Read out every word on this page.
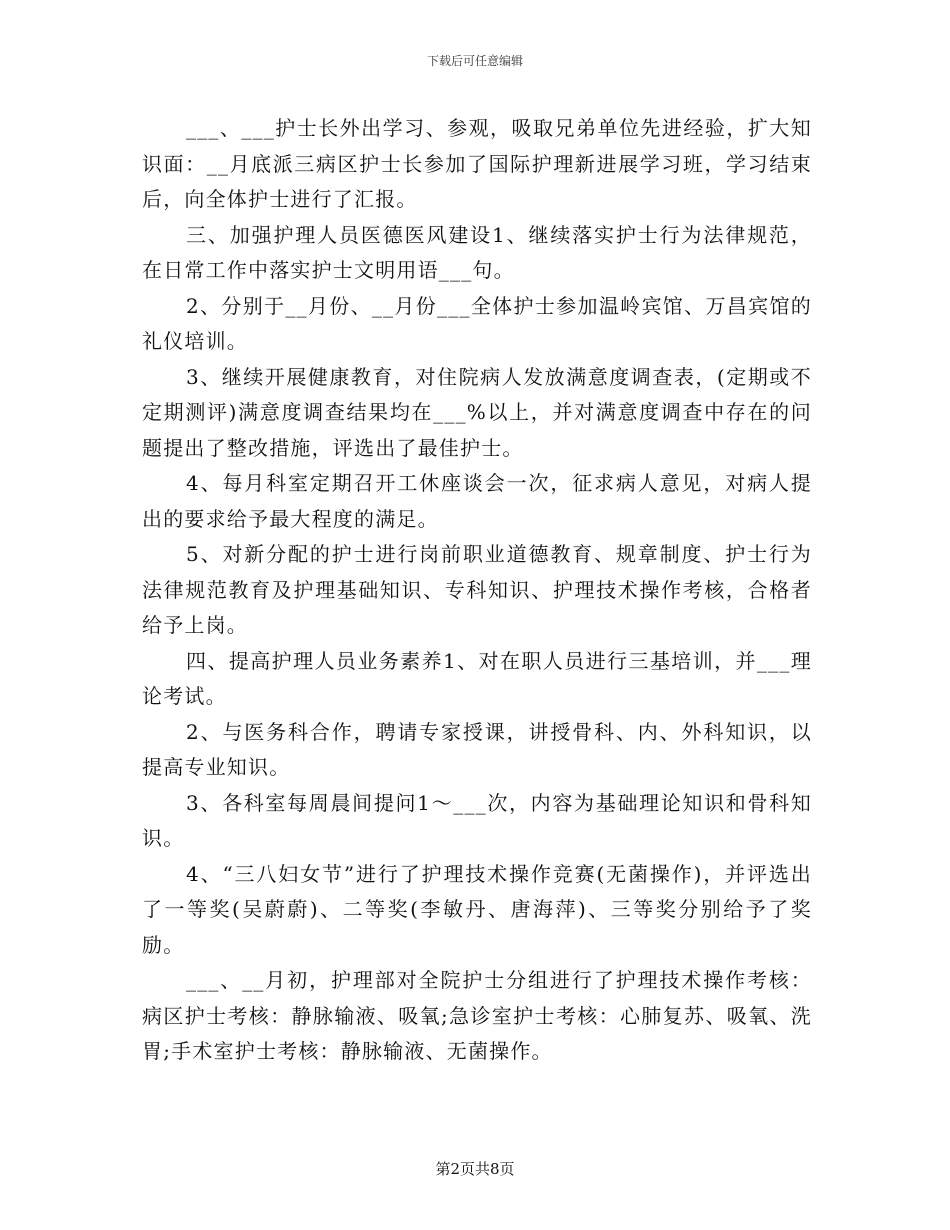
下载后可任意编辑

___、___护士长外出学习、参观，吸取兄弟单位先进经验，扩大知识面：__月底派三病区护士长参加了国际护理新进展学习班，学习结束后，向全体护士进行了汇报。

三、加强护理人员医德医风建设1、继续落实护士行为法律规范，在日常工作中落实护士文明用语___句。

2、分别于__月份、__月份___全体护士参加温岭宾馆、万昌宾馆的礼仪培训。

3、继续开展健康教育，对住院病人发放满意度调查表，(定期或不定期测评)满意度调查结果均在___%以上，并对满意度调查中存在的问题提出了整改措施，评选出了最佳护士。

4、每月科室定期召开工休座谈会一次，征求病人意见，对病人提出的要求给予最大程度的满足。

5、对新分配的护士进行岗前职业道德教育、规章制度、护士行为法律规范教育及护理基础知识、专科知识、护理技术操作考核，合格者给予上岗。

四、提高护理人员业务素养1、对在职人员进行三基培训，并___理论考试。

2、与医务科合作，聘请专家授课，讲授骨科、内、外科知识，以提高专业知识。

3、各科室每周晨间提问1～___次，内容为基础理论知识和骨科知识。

4、“三八妇女节”进行了护理技术操作竞赛(无菌操作)，并评选出了一等奖(吴蔚蔚)、二等奖(李敏丹、唐海萍)、三等奖分别给予了奖励。

___、__月初，护理部对全院护士分组进行了护理技术操作考核：病区护士考核：静脉输液、吸氧;急诊室护士考核：心肺复苏、吸氧、洗胃;手术室护士考核：静脉输液、无菌操作。

第2页共8页
